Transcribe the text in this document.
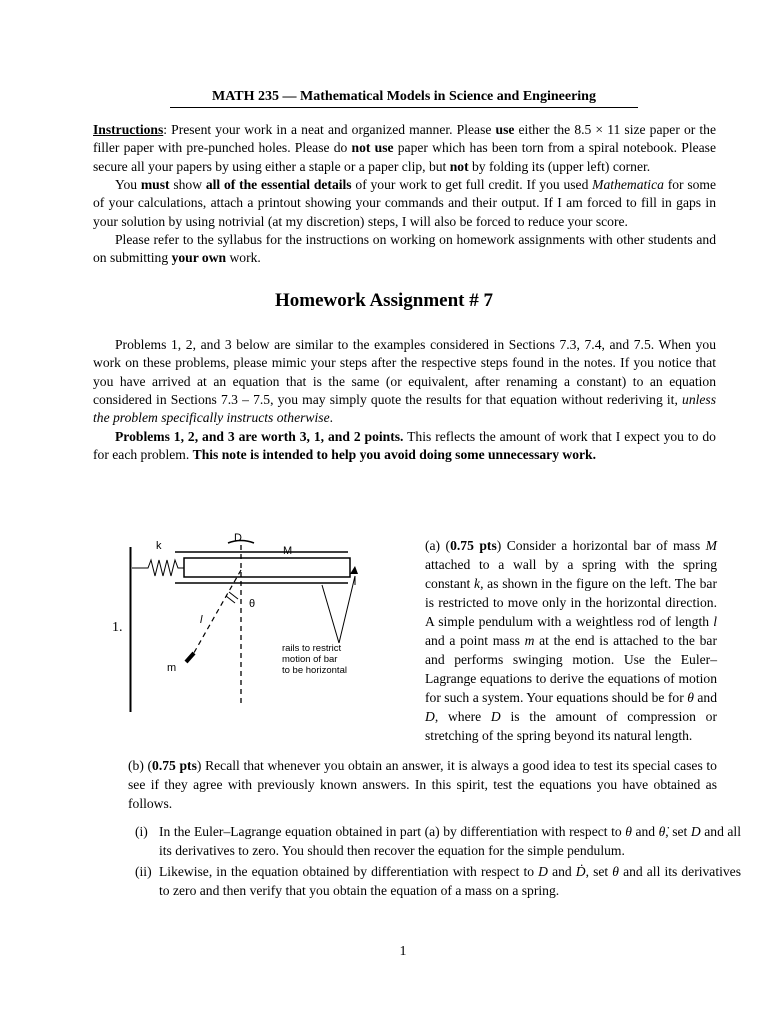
MATH 235 — Mathematical Models in Science and Engineering

Instructions: Present your work in a neat and organized manner. Please use either the 8.5 × 11 size paper or the filler paper with pre-punched holes. Please do not use paper which has been torn from a spiral notebook. Please secure all your papers by using either a staple or a paper clip, but not by folding its (upper left) corner.

You must show all of the essential details of your work to get full credit. If you used Mathematica for some of your calculations, attach a printout showing your commands and their output. If I am forced to fill in gaps in your solution by using notrivial (at my discretion) steps, I will also be forced to reduce your score.

Please refer to the syllabus for the instructions on working on homework assignments with other students and on submitting your own work.

Homework Assignment # 7

Problems 1, 2, and 3 below are similar to the examples considered in Sections 7.3, 7.4, and 7.5. When you work on these problems, please mimic your steps after the respective steps found in the notes. If you notice that you have arrived at an equation that is the same (or equivalent, after renaming a constant) to an equation considered in Sections 7.3 – 7.5, you may simply quote the results for that equation without rederiving it, unless the problem specifically instructs otherwise.

Problems 1, 2, and 3 are worth 3, 1, and 2 points. This reflects the amount of work that I expect you to do for each problem. This note is intended to help you avoid doing some unnecessary work.

1.
k
D
M
θ
l
m
rails to restrict
motion of bar
to be horizontal

(a) (0.75 pts) Consider a horizontal bar of mass M attached to a wall by a spring with the spring constant k, as shown in the figure on the left. The bar is restricted to move only in the horizontal direction. A simple pendulum with a weightless rod of length l and a point mass m at the end is attached to the bar and performs swinging motion. Use the Euler–Lagrange equations to derive the equations of motion for such a system. Your equations should be for θ and D, where D is the amount of compression or stretching of the spring beyond its natural length.

(b) (0.75 pts) Recall that whenever you obtain an answer, it is always a good idea to test its special cases to see if they agree with previously known answers. In this spirit, test the equations you have obtained as follows.

(i) In the Euler–Lagrange equation obtained in part (a) by differentiation with respect to θ and θ̇, set D and all its derivatives to zero. You should then recover the equation for the simple pendulum.

(ii) Likewise, in the equation obtained by differentiation with respect to D and Ḋ, set θ and all its derivatives to zero and then verify that you obtain the equation of a mass on a spring.

1
